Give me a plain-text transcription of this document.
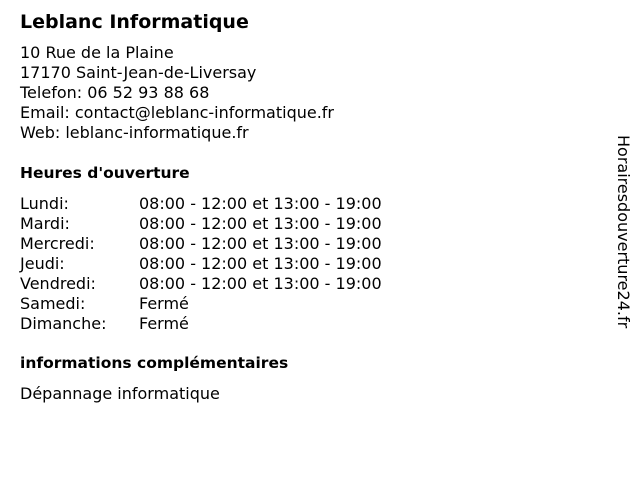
Leblanc Informatique
10 Rue de la Plaine
17170 Saint-Jean-de-Liversay
Telefon: 06 52 93 88 68
Email: contact@leblanc-informatique.fr
Web: leblanc-informatique.fr
Heures d'ouverture
Lundi:	08:00 - 12:00 et 13:00 - 19:00
Mardi:	08:00 - 12:00 et 13:00 - 19:00
Mercredi:	08:00 - 12:00 et 13:00 - 19:00
Jeudi:	08:00 - 12:00 et 13:00 - 19:00
Vendredi:	08:00 - 12:00 et 13:00 - 19:00
Samedi:	Fermé
Dimanche:	Fermé
informations complémentaires
Dépannage informatique
Horairesdouverture24.fr
